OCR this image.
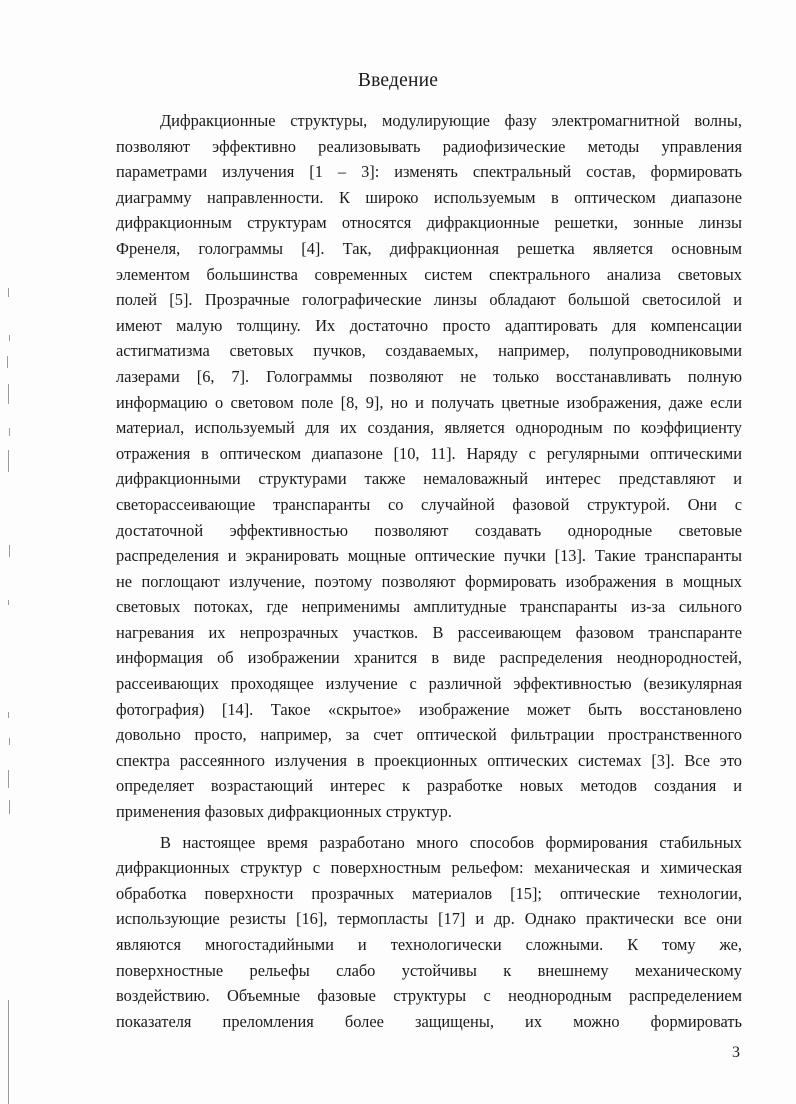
Введение

Дифракционные структуры, модулирующие фазу электромагнитной волны,
позволяют эффективно реализовывать радиофизические методы управления
параметрами излучения [1 – 3]: изменять спектральный состав, формировать
диаграмму направленности. К широко используемым в оптическом диапазоне
дифракционным структурам относятся дифракционные решетки, зонные линзы
Френеля, голограммы [4]. Так, дифракционная решетка является основным
элементом большинства современных систем спектрального анализа световых
полей [5]. Прозрачные голографические линзы обладают большой светосилой и
имеют малую толщину. Их достаточно просто адаптировать для компенсации
астигматизма световых пучков, создаваемых, например, полупроводниковыми
лазерами [6, 7]. Голограммы позволяют не только восстанавливать полную
информацию о световом поле [8, 9], но и получать цветные изображения, даже если
материал, используемый для их создания, является однородным по коэффициенту
отражения в оптическом диапазоне [10, 11]. Наряду с регулярными оптическими
дифракционными структурами также немаловажный интерес представляют и
светорассеивающие транспаранты со случайной фазовой структурой. Они с
достаточной эффективностью позволяют создавать однородные световые
распределения и экранировать мощные оптические пучки [13]. Такие транспаранты
не поглощают излучение, поэтому позволяют формировать изображения в мощных
световых потоках, где неприменимы амплитудные транспаранты из-за сильного
нагревания их непрозрачных участков. В рассеивающем фазовом транспаранте
информация об изображении хранится в виде распределения неоднородностей,
рассеивающих проходящее излучение с различной эффективностью (везикулярная
фотография) [14]. Такое «скрытое» изображение может быть восстановлено
довольно просто, например, за счет оптической фильтрации пространственного
спектра рассеянного излучения в проекционных оптических системах [3]. Все это
определяет возрастающий интерес к разработке новых методов создания и
применения фазовых дифракционных структур.

В настоящее время разработано много способов формирования стабильных
дифракционных структур с поверхностным рельефом: механическая и химическая
обработка поверхности прозрачных материалов [15]; оптические технологии,
использующие резисты [16], термопласты [17] и др. Однако практически все они
являются многостадийными и технологически сложными. К тому же,
поверхностные рельефы слабо устойчивы к внешнему механическому
воздействию. Объемные фазовые структуры с неоднородным распределением
показателя преломления более защищены, их можно формировать

3
